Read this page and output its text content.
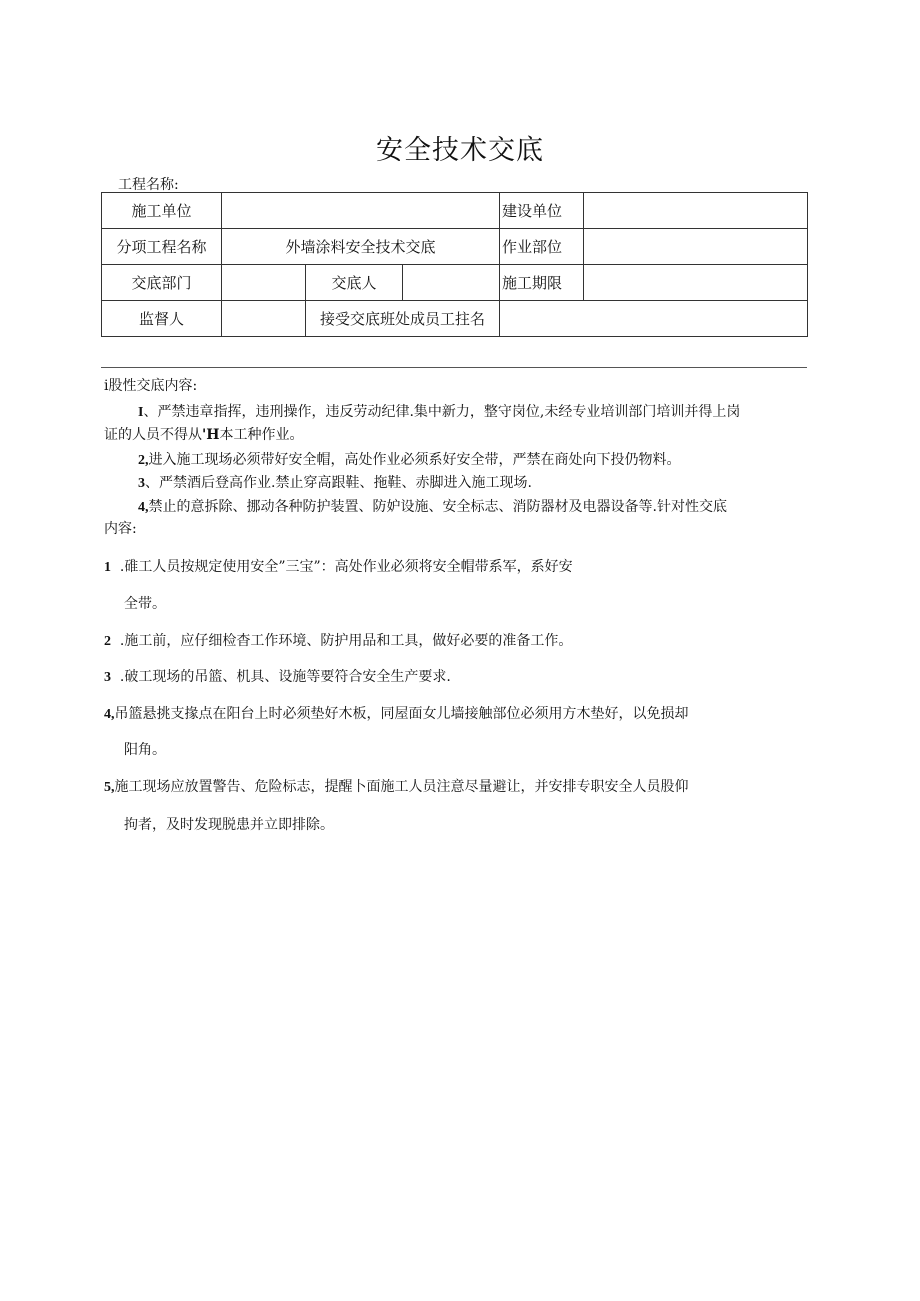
安全技术交底
工程名称:
施工单位				建设单位	
分项工程名称	外墙涂料安全技术交底			作业部位	
交底部门		交底人		施工期限	
监督人		接受交底班处成员工拄名			
i股性交底内容:
I、严禁违章指挥，违刑操作，违反劳动纪律.集中新力，整守岗位,未经专业培训部门培训并得上岗
证的人员不得从'H本工种作业。
2,进入施工现场必须带好安全帽，高处作业必须系好安全带，严禁在商处向下投仍物料。
3、严禁酒后登高作业.禁止穿高跟鞋、拖鞋、赤脚进入施工现场.
4,禁止的意拆除、挪动各种防护装置、防妒设施、安全标志、消防器材及电器设备等.针对性交底
内容:
1 .碓工人员按规定使用安全”三宝”：高处作业必须将安全帽带系军，系好安
全带。
2 .施工前，应仔细检杳工作环境、防护用品和工具，做好必要的准备工作。
3 .破工现场的吊篮、机具、设施等要符合安全生产要求.
4,吊篮悬挑支掾点在阳台上时必须垫好木板，同屋面女儿墙接触部位必须用方木垫好，以免损却
阳角。
5,施工现场应放置警告、危险标志，提醒卜面施工人员注意尽量避让，并安排专职安全人员股仰
拘者，及时发现脱患并立即排除。
